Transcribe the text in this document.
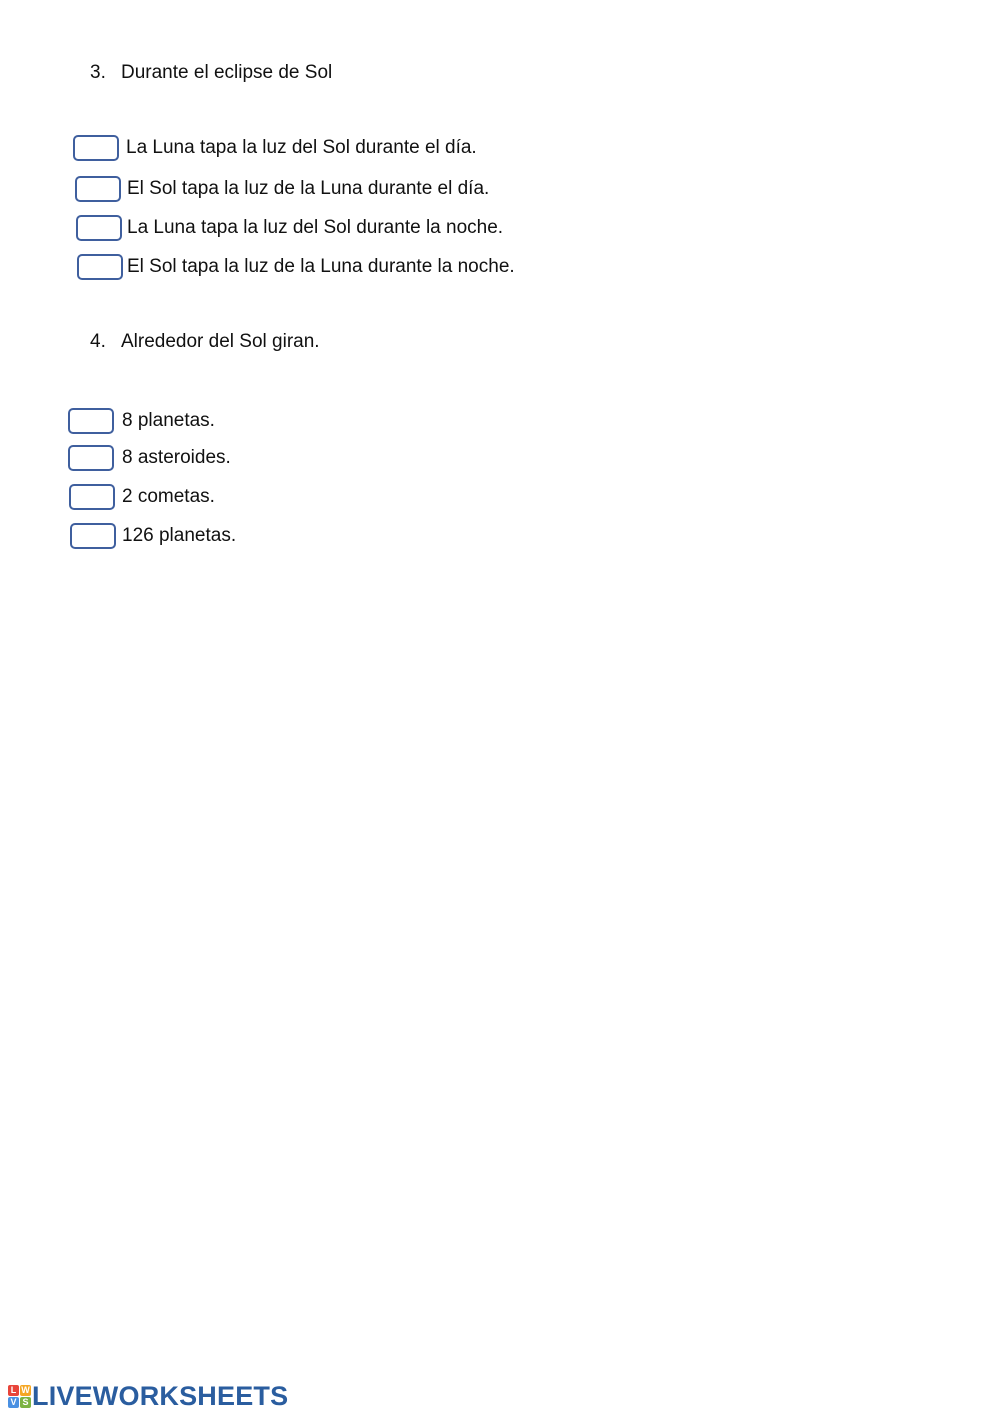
3. Durante el eclipse de Sol
La Luna tapa la luz del Sol durante el día.
El Sol tapa la luz de la Luna durante el día.
La Luna tapa la luz del Sol durante la noche.
El Sol tapa la luz de la Luna durante la noche.
4. Alrededor del Sol giran.
8 planetas.
8 asteroides.
2 cometas.
126 planetas.
L W
V S LIVEWORKSHEETS
